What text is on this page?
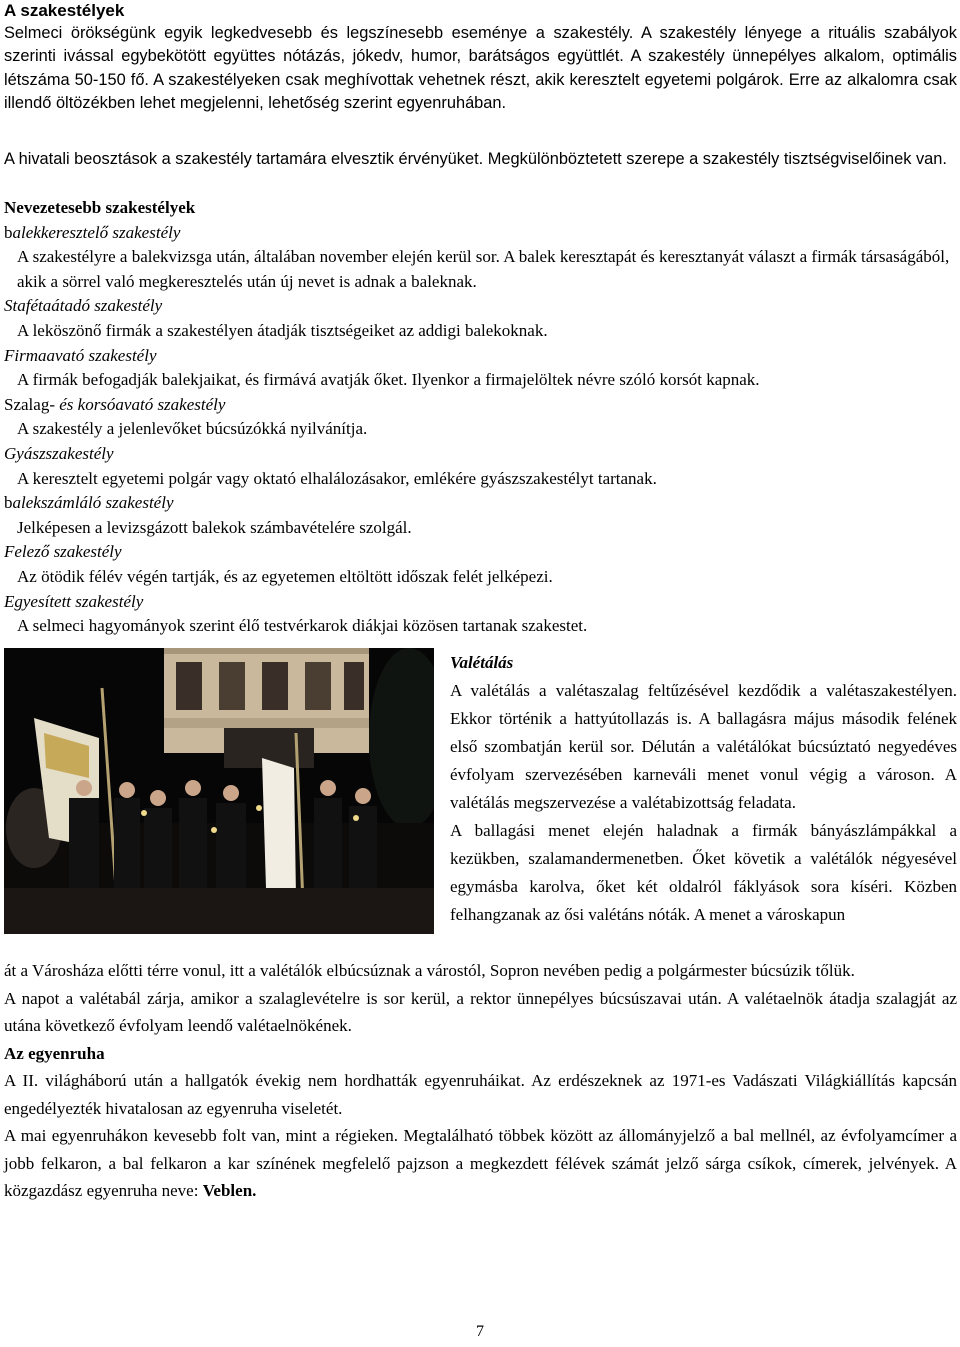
A szakestélyek

Selmeci örökségünk egyik legkedvesebb és legszínesebb eseménye a szakestély. A szakestély lényege a rituális szabályok szerinti ivással egybekötött együttes nótázás, jókedv, humor, barátságos együttlét. A szakestély ünnepélyes alkalom, optimális létszáma 50-150 fő. A szakestélyeken csak meghívottak vehetnek részt, akik keresztelt egyetemi polgárok. Erre az alkalomra csak illendő öltözékben lehet megjelenni, lehetőség szerint egyenruhában.

A hivatali beosztások a szakestély tartamára elvesztik érvényüket. Megkülönböztetett szerepe a szakestély tisztségviselőinek van.

Nevezetesebb szakestélyek
balekkeresztelő szakestély
A szakestélyre a balekvizsga után, általában november elején kerül sor. A balek keresztapát és keresztanyát választ a firmák társaságából, akik a sörrel való megkeresztelés után új nevet is adnak a baleknak.
Stafétaátadó szakestély
A leköszönő firmák a szakestélyen átadják tisztségeiket az addigi balekoknak.
Firmaavató szakestély
A firmák befogadják balekjaikat, és firmává avatják őket. Ilyenkor a firmajelöltek névre szóló korsót kapnak.
Szalag- és korsóavató szakestély
A szakestély a jelenlevőket búcsúzókká nyilvánítja.
Gyászszakestély
A keresztelt egyetemi polgár vagy oktató elhalálozásakor, emlékére gyászszakestélyt tartanak.
balekszámláló szakestély
Jelképesen a levizsgázott balekok számbavételére szolgál.
Felező szakestély
Az ötödik félév végén tartják, és az egyetemen eltöltött időszak felét jelképezi.
Egyesített szakestély
A selmeci hagyományok szerint élő testvérkarok diákjai közösen tartanak szakestet.

Valétálás

A valétálás a valétaszalag feltűzésével kezdődik a valétaszakestélyen. Ekkor történik a hattyútollazás is. A ballagásra május második felének első szombatján kerül sor. Délután a valétálókat búcsúztató negyedéves évfolyam szervezésében karneváli menet vonul végig a városon. A valétálás megszervezése a valétabizottság feladata.

A ballagási menet elején haladnak a firmák bányászlámpákkal a kezükben, szalamandermenetben. Őket követik a valétálók négyesével egymásba karolva, őket két oldalról fáklyások sora kíséri. Közben felhangzanak az ősi valétáns nóták. A menet a városkapun

át a Városháza előtti térre vonul, itt a valétálók elbúcsúznak a várostól, Sopron nevében pedig a polgármester búcsúzik tőlük.

A napot a valétabál zárja, amikor a szalaglevételre is sor kerül, a rektor ünnepélyes búcsúszavai után. A valétaelnök átadja szalagját az utána következő évfolyam leendő valétaelnökének.

Az egyenruha

A II. világháború után a hallgatók évekig nem hordhatták egyenruháikat. Az erdészeknek az 1971-es Vadászati Világkiállítás kapcsán engedélyezték hivatalosan az egyenruha viseletét.

A mai egyenruhákon kevesebb folt van, mint a régieken. Megtalálható többek között az állományjelző a bal mellnél, az évfolyamcímer a jobb felkaron, a bal felkaron a kar színének megfelelő pajzson a megkezdett félévek számát jelző sárga csíkok, címerek, jelvények. A közgazdász egyenruha neve: Veblen.

7
